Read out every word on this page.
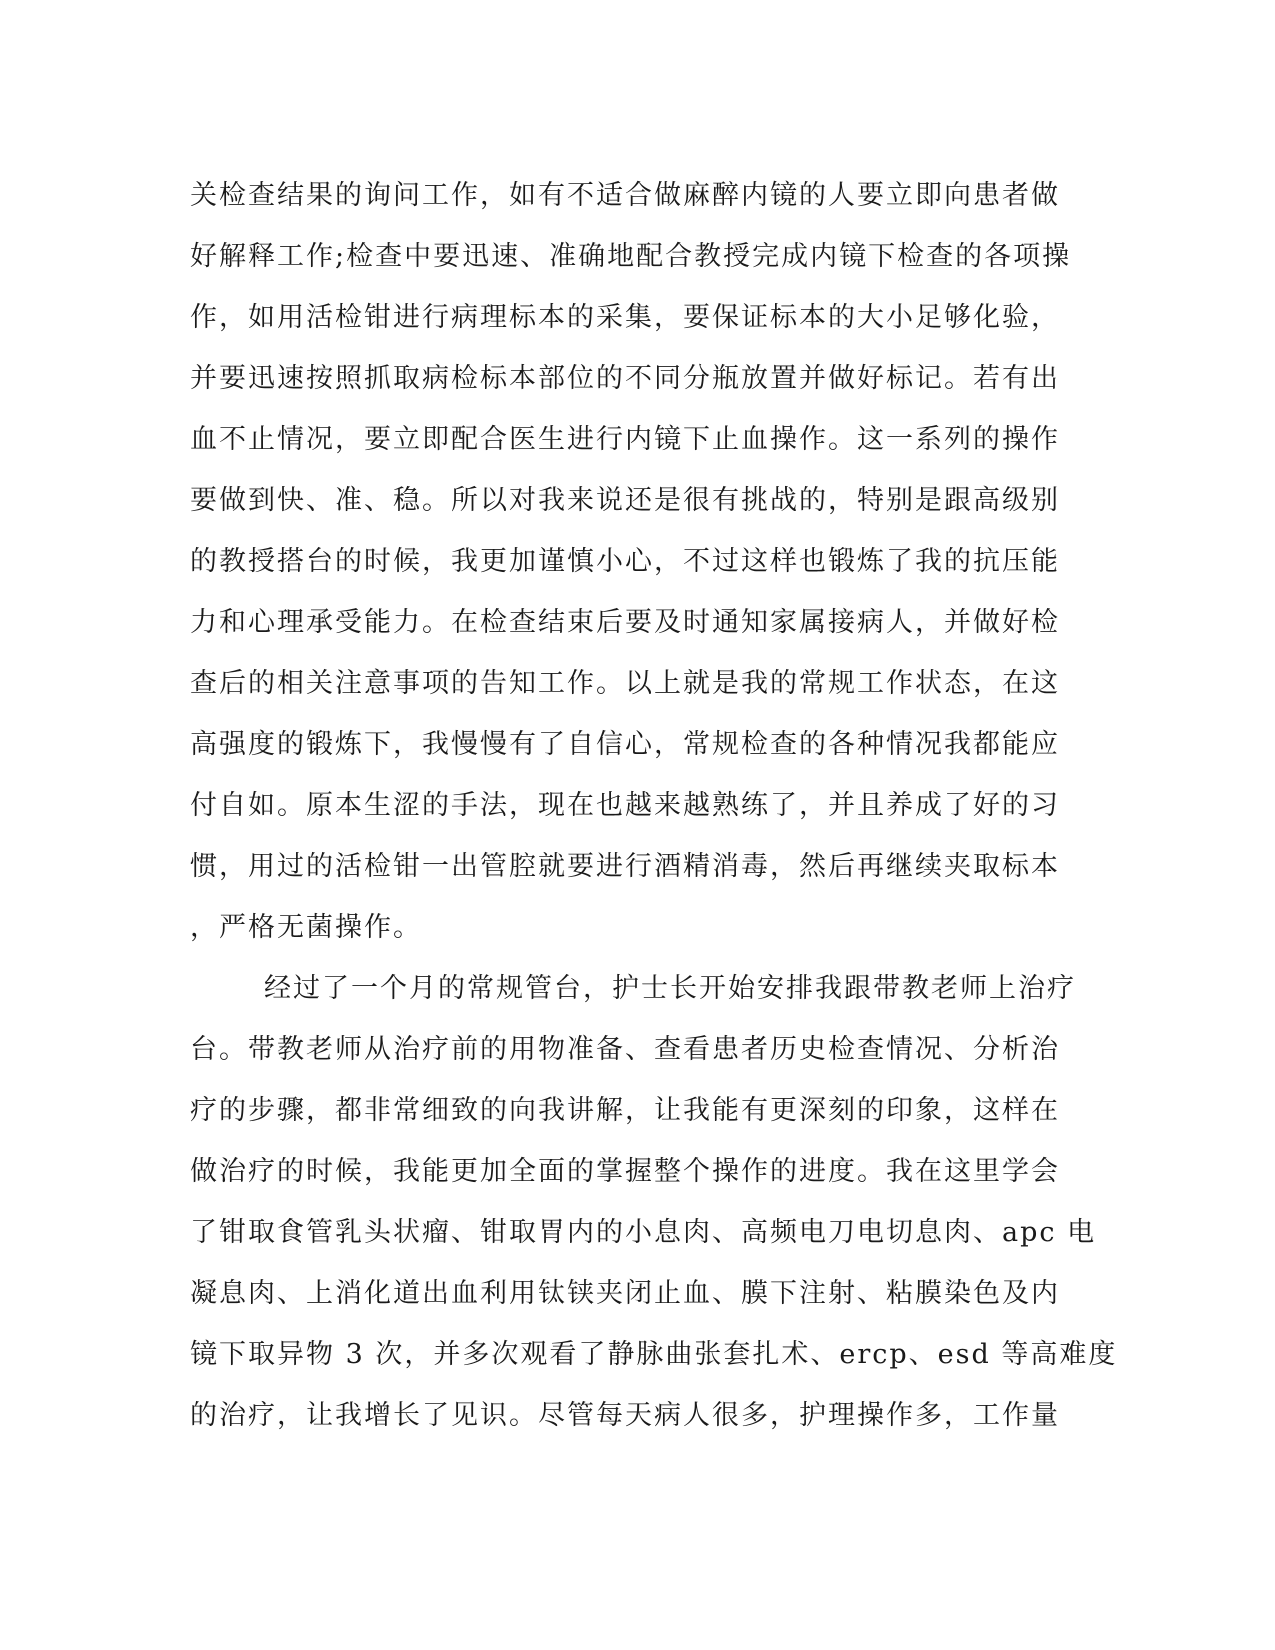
关检查结果的询问工作，如有不适合做麻醉内镜的人要立即向患者做
好解释工作;检查中要迅速、准确地配合教授完成内镜下检查的各项操
作，如用活检钳进行病理标本的采集，要保证标本的大小足够化验，
并要迅速按照抓取病检标本部位的不同分瓶放置并做好标记。若有出
血不止情况，要立即配合医生进行内镜下止血操作。这一系列的操作
要做到快、准、稳。所以对我来说还是很有挑战的，特别是跟高级别
的教授搭台的时候，我更加谨慎小心，不过这样也锻炼了我的抗压能
力和心理承受能力。在检查结束后要及时通知家属接病人，并做好检
查后的相关注意事项的告知工作。以上就是我的常规工作状态，在这
高强度的锻炼下，我慢慢有了自信心，常规检查的各种情况我都能应
付自如。原本生涩的手法，现在也越来越熟练了，并且养成了好的习
惯，用过的活检钳一出管腔就要进行酒精消毒，然后再继续夹取标本
，严格无菌操作。
经过了一个月的常规管台，护士长开始安排我跟带教老师上治疗
台。带教老师从治疗前的用物准备、查看患者历史检查情况、分析治
疗的步骤，都非常细致的向我讲解，让我能有更深刻的印象，这样在
做治疗的时候，我能更加全面的掌握整个操作的进度。我在这里学会
了钳取食管乳头状瘤、钳取胃内的小息肉、高频电刀电切息肉、apc 电
凝息肉、上消化道出血利用钛铗夹闭止血、膜下注射、粘膜染色及内
镜下取异物 3 次，并多次观看了静脉曲张套扎术、ercp、esd 等高难度
的治疗，让我增长了见识。尽管每天病人很多，护理操作多，工作量
